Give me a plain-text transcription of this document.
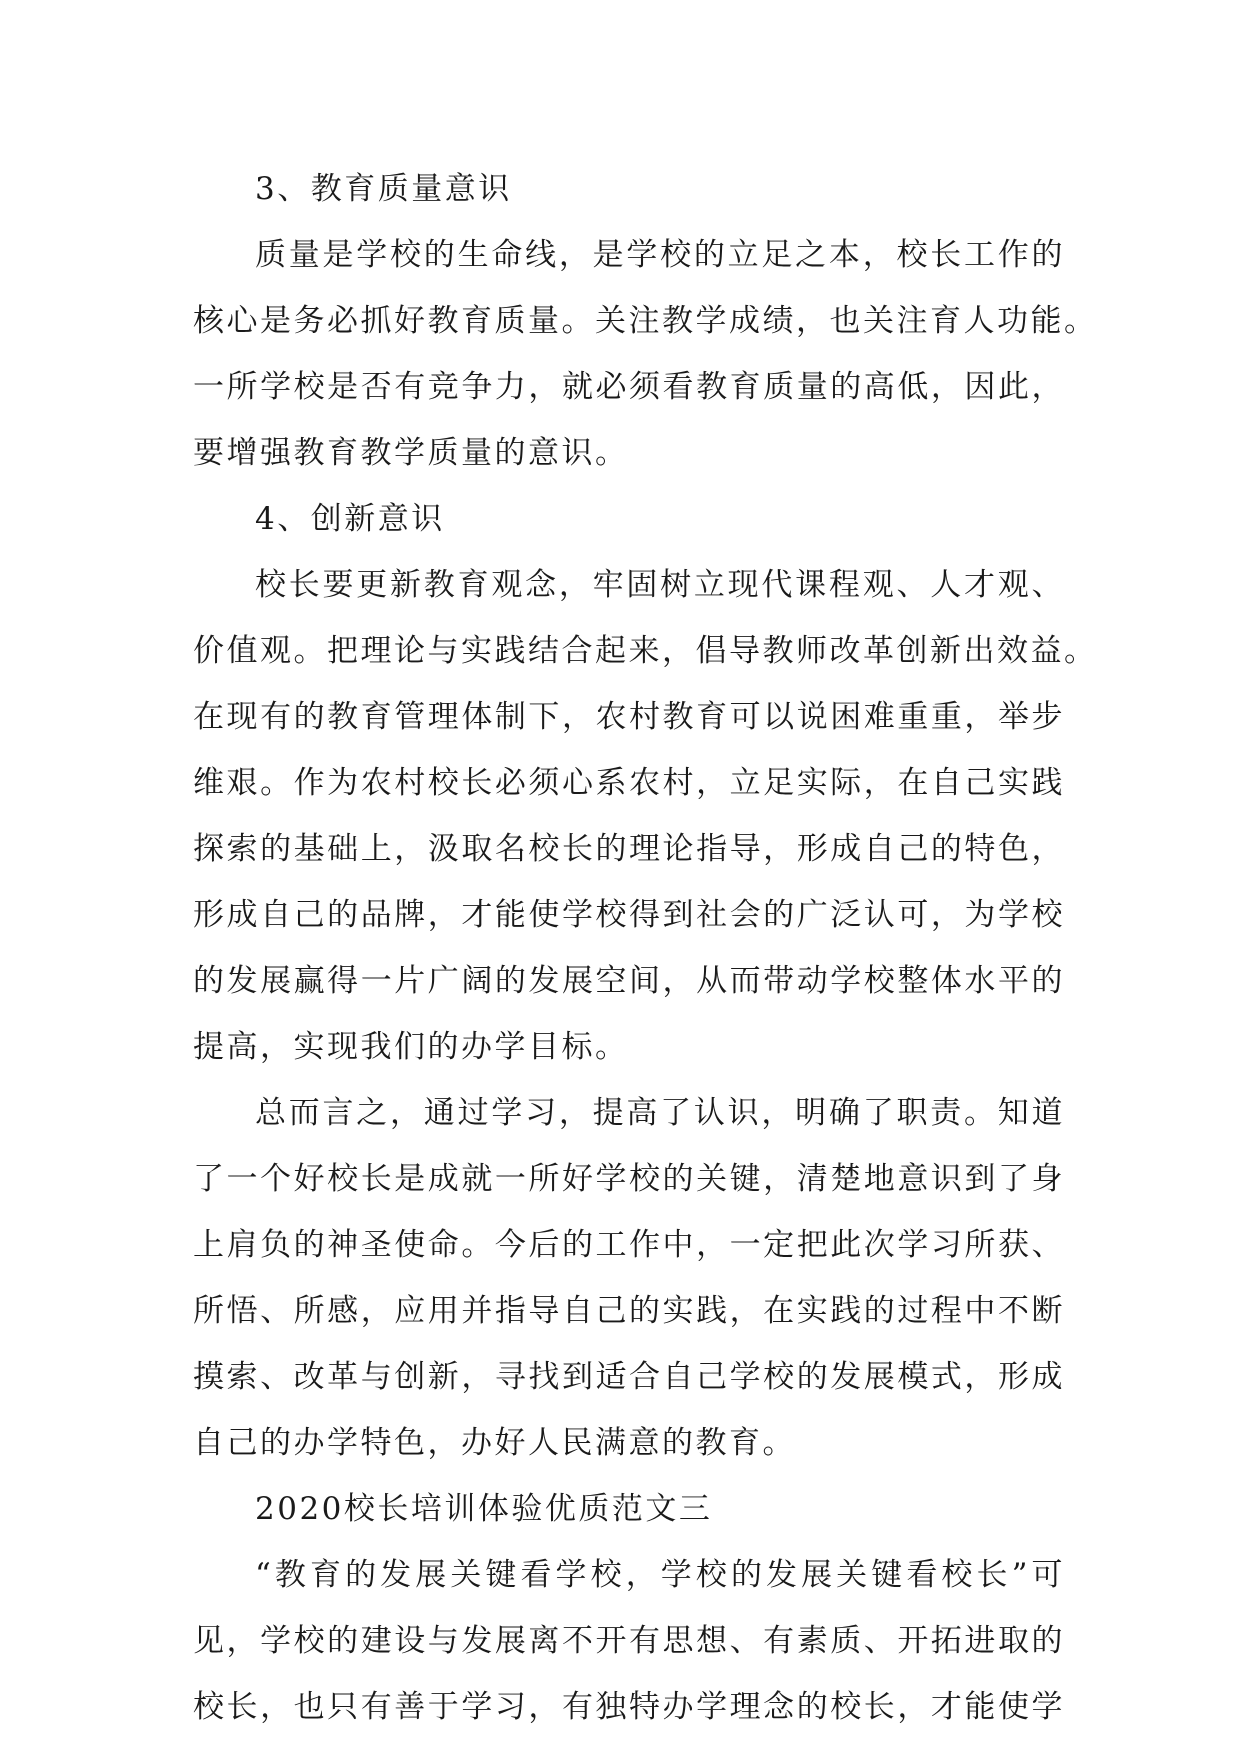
3、教育质量意识
质量是学校的生命线，是学校的立足之本，校长工作的
核心是务必抓好教育质量。关注教学成绩，也关注育人功能。
一所学校是否有竞争力，就必须看教育质量的高低，因此，
要增强教育教学质量的意识。
4、创新意识
校长要更新教育观念，牢固树立现代课程观、人才观、
价值观。把理论与实践结合起来，倡导教师改革创新出效益。
在现有的教育管理体制下，农村教育可以说困难重重，举步
维艰。作为农村校长必须心系农村，立足实际，在自己实践
探索的基础上，汲取名校长的理论指导，形成自己的特色，
形成自己的品牌，才能使学校得到社会的广泛认可，为学校
的发展赢得一片广阔的发展空间，从而带动学校整体水平的
提高，实现我们的办学目标。
总而言之，通过学习，提高了认识，明确了职责。知道
了一个好校长是成就一所好学校的关键，清楚地意识到了身
上肩负的神圣使命。今后的工作中，一定把此次学习所获、
所悟、所感，应用并指导自己的实践，在实践的过程中不断
摸索、改革与创新，寻找到适合自己学校的发展模式，形成
自己的办学特色，办好人民满意的教育。
2020校长培训体验优质范文三
“教育的发展关键看学校，学校的发展关键看校长”可
见，学校的建设与发展离不开有思想、有素质、开拓进取的
校长，也只有善于学习，有独特办学理念的校长，才能使学
